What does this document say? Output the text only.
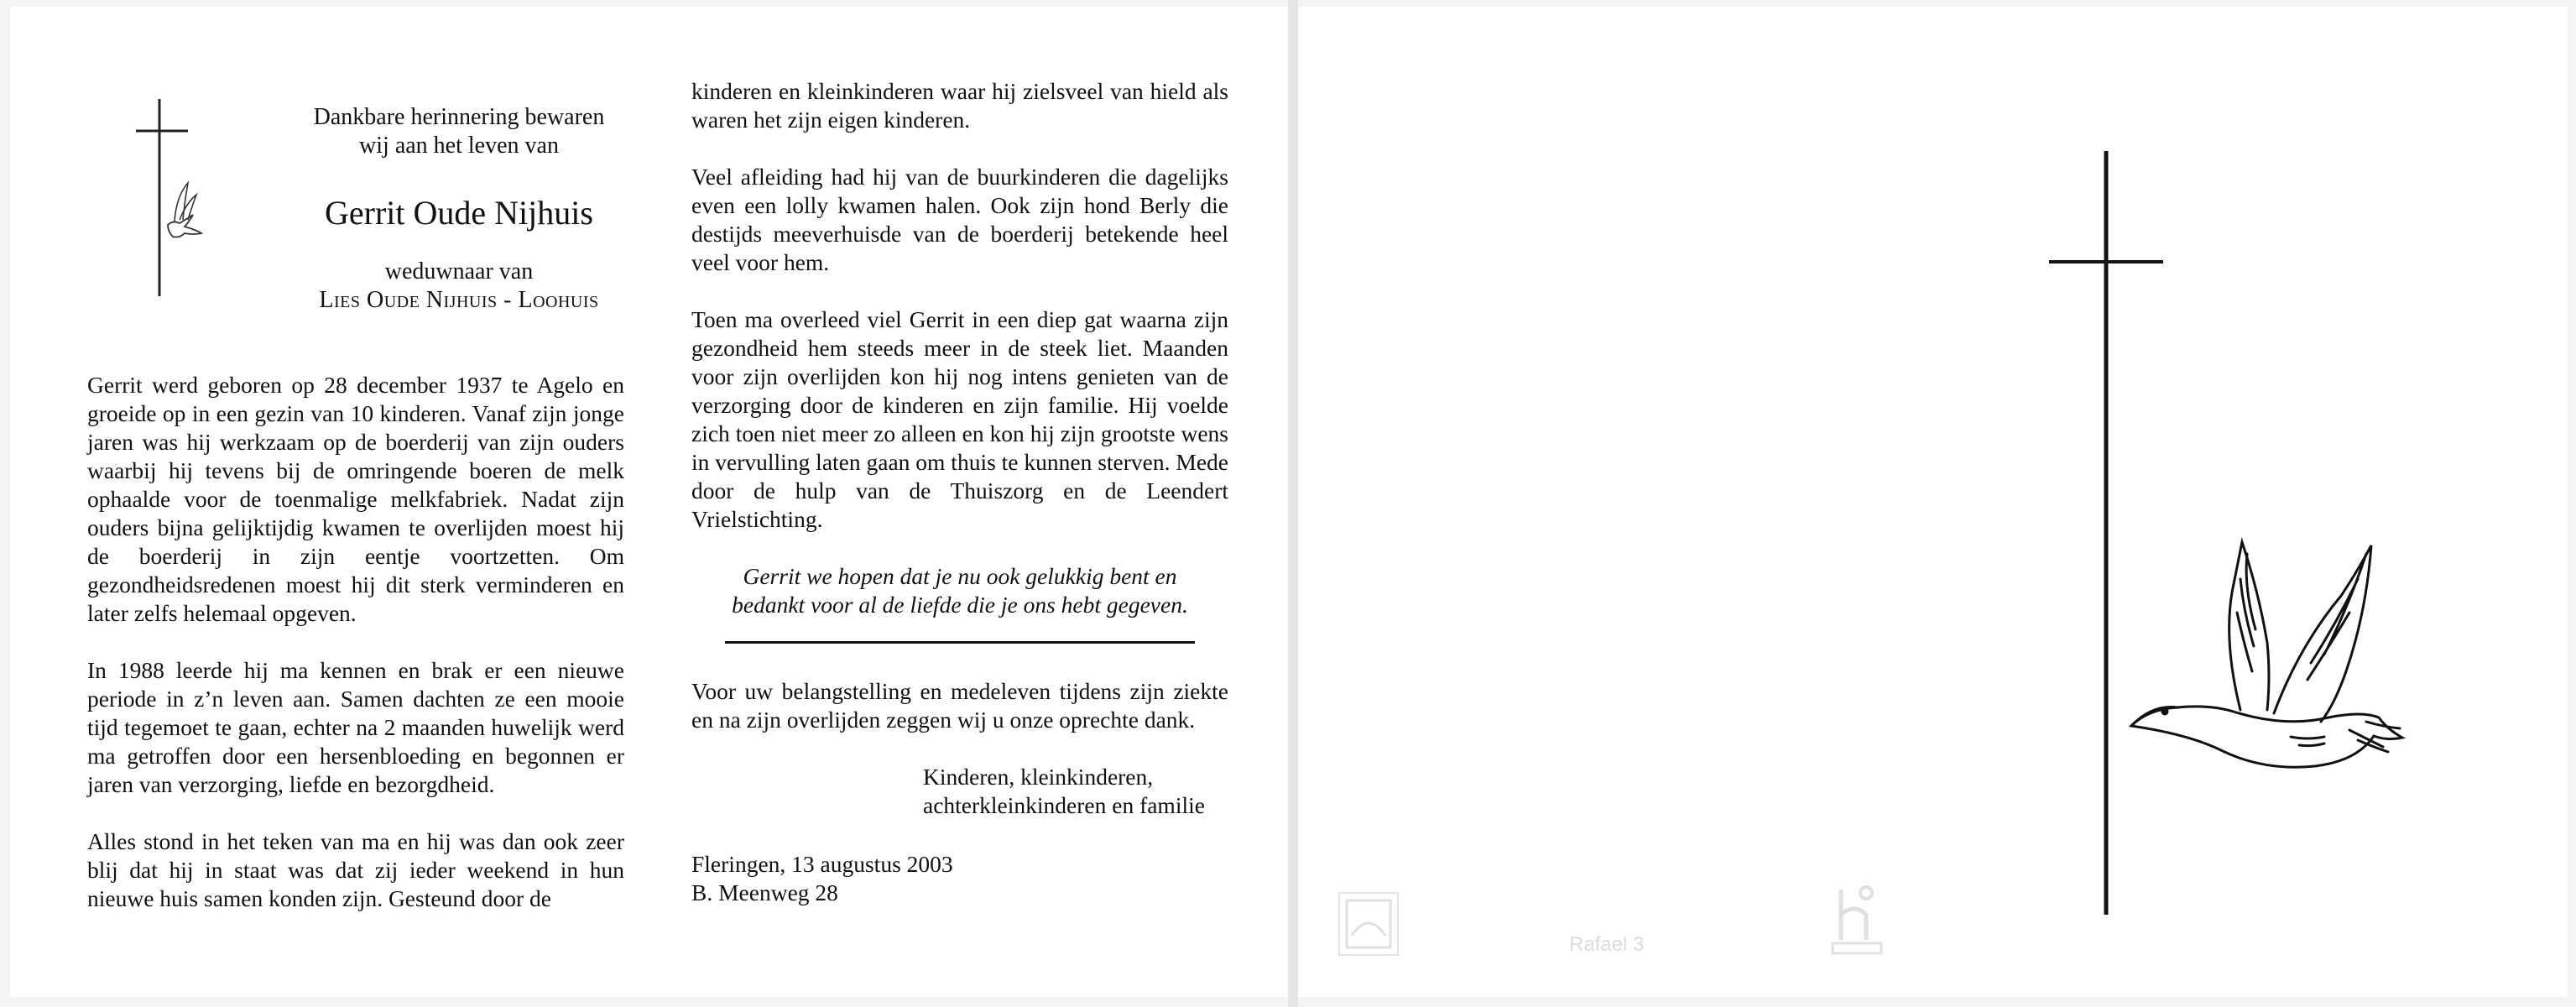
Dankbare herinnering bewaren
wij aan het leven van
Gerrit Oude Nijhuis
weduwnaar van
Lies Oude Nijhuis - Loohuis

Gerrit werd geboren op 28 december 1937 te Agelo en groeide op in een gezin van 10 kinderen. Vanaf zijn jonge jaren was hij werkzaam op de boerderij van zijn ouders waarbij hij tevens bij de omringende boeren de melk ophaalde voor de toenmalige melkfabriek. Nadat zijn ouders bijna gelijktijdig kwamen te overlijden moest hij de boerderij in zijn eentje voortzetten. Om gezondheidsredenen moest hij dit sterk verminderen en later zelfs helemaal opgeven.

In 1988 leerde hij ma kennen en brak er een nieuwe periode in z’n leven aan. Samen dachten ze een mooie tijd tegemoet te gaan, echter na 2 maanden huwelijk werd ma getroffen door een hersenbloeding en begonnen er jaren van verzorging, liefde en bezorgdheid.

Alles stond in het teken van ma en hij was dan ook zeer blij dat hij in staat was dat zij ieder weekend in hun nieuwe huis samen konden zijn. Gesteund door de

kinderen en kleinkinderen waar hij zielsveel van hield als waren het zijn eigen kinderen.

Veel afleiding had hij van de buurkinderen die dagelijks even een lolly kwamen halen. Ook zijn hond Berly die destijds meeverhuisde van de boerderij betekende heel veel voor hem.

Toen ma overleed viel Gerrit in een diep gat waarna zijn gezondheid hem steeds meer in de steek liet. Maanden voor zijn overlijden kon hij nog intens genieten van de verzorging door de kinderen en zijn familie. Hij voelde zich toen niet meer zo alleen en kon hij zijn grootste wens in vervulling laten gaan om thuis te kunnen sterven. Mede door de hulp van de Thuiszorg en de Leendert Vrielstichting.

Gerrit we hopen dat je nu ook gelukkig bent en
bedankt voor al de liefde die je ons hebt gegeven.

Voor uw belangstelling en medeleven tijdens zijn ziekte en na zijn overlijden zeggen wij u onze oprechte dank.

Kinderen, kleinkinderen,
achterkleinkinderen en familie
Fleringen, 13 augustus 2003
B. Meenweg 28
Rafael 3
